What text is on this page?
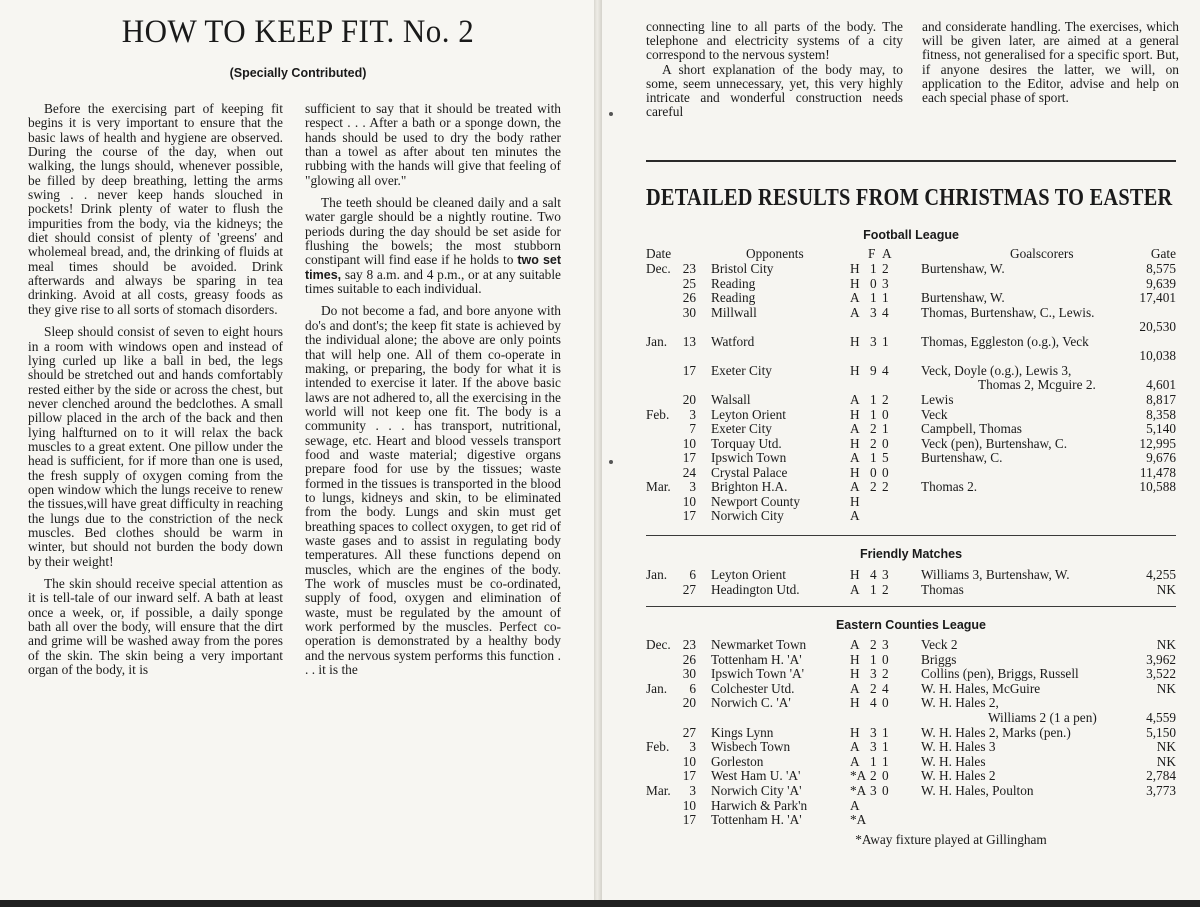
HOW TO KEEP FIT. No. 2
(Specially Contributed)

Before the exercising part of keeping fit begins it is very important to ensure that the basic laws of health and hygiene are observed. During the course of the day, when out walking, the lungs should, whenever possible, be filled by deep breathing, letting the arms swing . . never keep hands slouched in pockets! Drink plenty of water to flush the impurities from the body, via the kidneys; the diet should consist of plenty of 'greens' and wholemeal bread, and, the drinking of fluids at meal times should be avoided. Drink afterwards and always be sparing in tea drinking. Avoid at all costs, greasy foods as they give rise to all sorts of stomach disorders.

Sleep should consist of seven to eight hours in a room with windows open and instead of lying curled up like a ball in bed, the legs should be stretched out and hands comfortably rested either by the side or across the chest, but never clenched around the bedclothes. A small pillow placed in the arch of the back and then lying halfturned on to it will relax the back muscles to a great extent. One pillow under the head is sufficient, for if more than one is used, the fresh supply of oxygen coming from the open window which the lungs receive to renew the tissues,will have great difficulty in reaching the lungs due to the constriction of the neck muscles. Bed clothes should be warm in winter, but should not burden the body down by their weight!

The skin should receive special attention as it is tell-tale of our inward self. A bath at least once a week, or, if possible, a daily sponge bath all over the body, will ensure that the dirt and grime will be washed away from the pores of the skin. The skin being a very important organ of the body, it is

sufficient to say that it should be treated with respect . . . After a bath or a sponge down, the hands should be used to dry the body rather than a towel as after about ten minutes the rubbing with the hands will give that feeling of "glowing all over."

The teeth should be cleaned daily and a salt water gargle should be a nightly routine. Two periods during the day should be set aside for flushing the bowels; the most stubborn constipant will find ease if he holds to two set times, say 8 a.m. and 4 p.m., or at any suitable times suitable to each individual.

Do not become a fad, and bore anyone with do's and dont's; the keep fit state is achieved by the individual alone; the above are only points that will help one. All of them co-operate in making, or preparing, the body for what it is intended to exercise it later. If the above basic laws are not adhered to, all the exercising in the world will not keep one fit. The body is a community . . . has transport, nutritional, sewage, etc. Heart and blood vessels transport food and waste material; digestive organs prepare food for use by the tissues; waste formed in the tissues is transported in the blood to lungs, kidneys and skin, to be eliminated from the body. Lungs and skin must get breathing spaces to collect oxygen, to get rid of waste gases and to assist in regulating body temperatures. All these functions depend on muscles, which are the engines of the body. The work of muscles must be co-ordinated, supply of food, oxygen and elimination of waste, must be regulated by the amount of work performed by the muscles. Perfect co-operation is demonstrated by a healthy body and the nervous system performs this function . . . it is the

connecting line to all parts of the body. The telephone and electricity systems of a city correspond to the nervous system!
A short explanation of the body may, to some, seem unnecessary, yet, this very highly intricate and wonderful construction needs careful
and considerate handling. The exercises, which will be given later, are aimed at a general fitness, not generalised for a specific sport. But, if anyone desires the latter, we will, on application to the Editor, advise and help on each special phase of sport.
DETAILED RESULTS FROM CHRISTMAS TO EASTER
Football League
Date	Opponents	F A	Goalscorers	Gate
Dec. 23 Bristol City	H 1 2 Burtenshaw, W.	8,575
25 Reading	H 0 3	9,639
26 Reading	A 1 1 Burtenshaw, W.	17,401
30 Millwall	A 3 4 Thomas, Burtenshaw, C., Lewis.
20,530
Jan. 13 Watford	H 3 1 Thomas, Eggleston (o.g.), Veck
10,038
17 Exeter City	H 9 4 Veck, Doyle (o.g.), Lewis 3,
Thomas 2, Mcguire 2.	4,601
20 Walsall	A 1 2 Lewis	8,817
Feb.	3 Leyton Orient	H 1 0 Veck	8,358
7 Exeter City	A 2 1 Campbell, Thomas	5,140
10 Torquay Utd.	H 2 0 Veck (pen), Burtenshaw, C.	12,995
17 Ipswich Town	A 1 5 Burtenshaw, C.	9,676
24 Crystal Palace	H 0 0	11,478
Mar.	3 Brighton H.A.	A 2 2 Thomas 2.	10,588
10 Newport County	H
17 Norwich City	A
Friendly Matches
Jan.	6 Leyton Orient	H 4 3 Williams 3, Burtenshaw, W.	4,255
27 Headington Utd.	A 1 2 Thomas	NK
Eastern Counties League
Dec. 23 Newmarket Town	A 2 3 Veck 2	NK
26 Tottenham H. 'A'	H 1 0 Briggs	3,962
30 Ipswich Town 'A'	H 3 2 Collins (pen), Briggs, Russell	3,522
Jan.	6 Colchester Utd.	A 2 4 W. H. Hales, McGuire	NK
20 Norwich C. 'A'	H 4 0 W. H. Hales 2,
Williams 2 (1 a pen)	4,559
27 Kings Lynn	H 3 1 W. H. Hales 2, Marks (pen.)	5,150
Feb.	3 Wisbech Town	A 3 1 W. H. Hales 3	NK
10 Gorleston	A 1 1 W. H. Hales	NK
17 West Ham U. 'A'	*A 2 0 W. H. Hales 2	2,784
Mar.	3 Norwich City 'A'	*A 3 0 W. H. Hales, Poulton	3,773
10 Harwich & Park'n	A
17 Tottenham H. 'A'	*A
*Away fixture played at Gillingham
